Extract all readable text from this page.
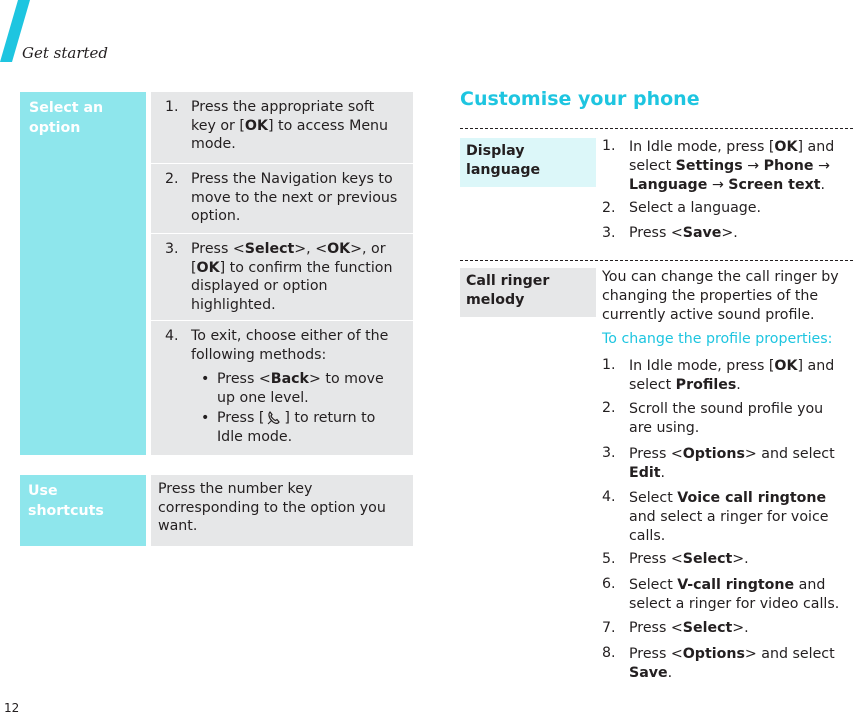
Get started
Select an option
1. Press the appropriate soft
key or [OK] to access Menu
mode.
2. Press the Navigation keys to
move to the next or previous
option.
3. Press <Select>, <OK>, or
[OK] to confirm the function
displayed or option
highlighted.
4. To exit, choose either of the
following methods:
• Press <Back> to move
up one level.
• Press [ ] to return to
Idle mode.
Use shortcuts
Press the number key
corresponding to the option you
want.
Customise your phone
Display
language
1. In Idle mode, press [OK] and
select Settings → Phone →
Language → Screen text.
2. Select a language.
3. Press <Save>.
Call ringer
melody
You can change the call ringer by
changing the properties of the
currently active sound profile.
To change the profile properties:
1. In Idle mode, press [OK] and
select Profiles.
2. Scroll the sound profile you
are using.
3. Press <Options> and select
Edit.
4. Select Voice call ringtone
and select a ringer for voice
calls.
5. Press <Select>.
6. Select V-call ringtone and
select a ringer for video calls.
7. Press <Select>.
8. Press <Options> and select
Save.
12
